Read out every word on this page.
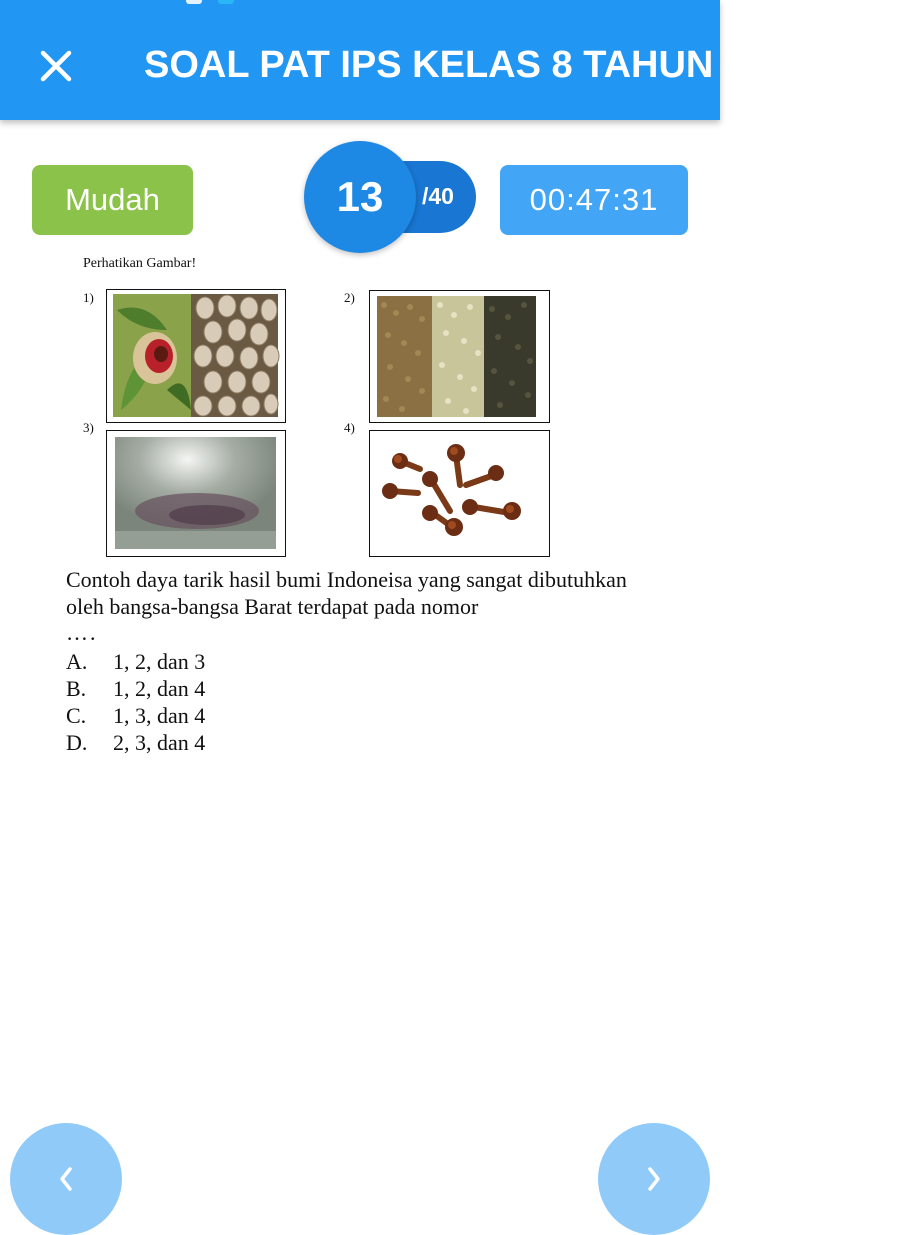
SOAL PAT IPS KELAS 8 TAHUN 2020/2021
Mudah	/40
13	00:47:31
Perhatikan Gambar!
1)	2)
3)	4)
Contoh daya tarik hasil bumi Indoneisa yang sangat dibutuhkan oleh bangsa-bangsa Barat terdapat pada nomor
….
A. 1, 2, dan 3
B. 1, 2, dan 4
C. 1, 3, dan 4
D. 2, 3, dan 4
